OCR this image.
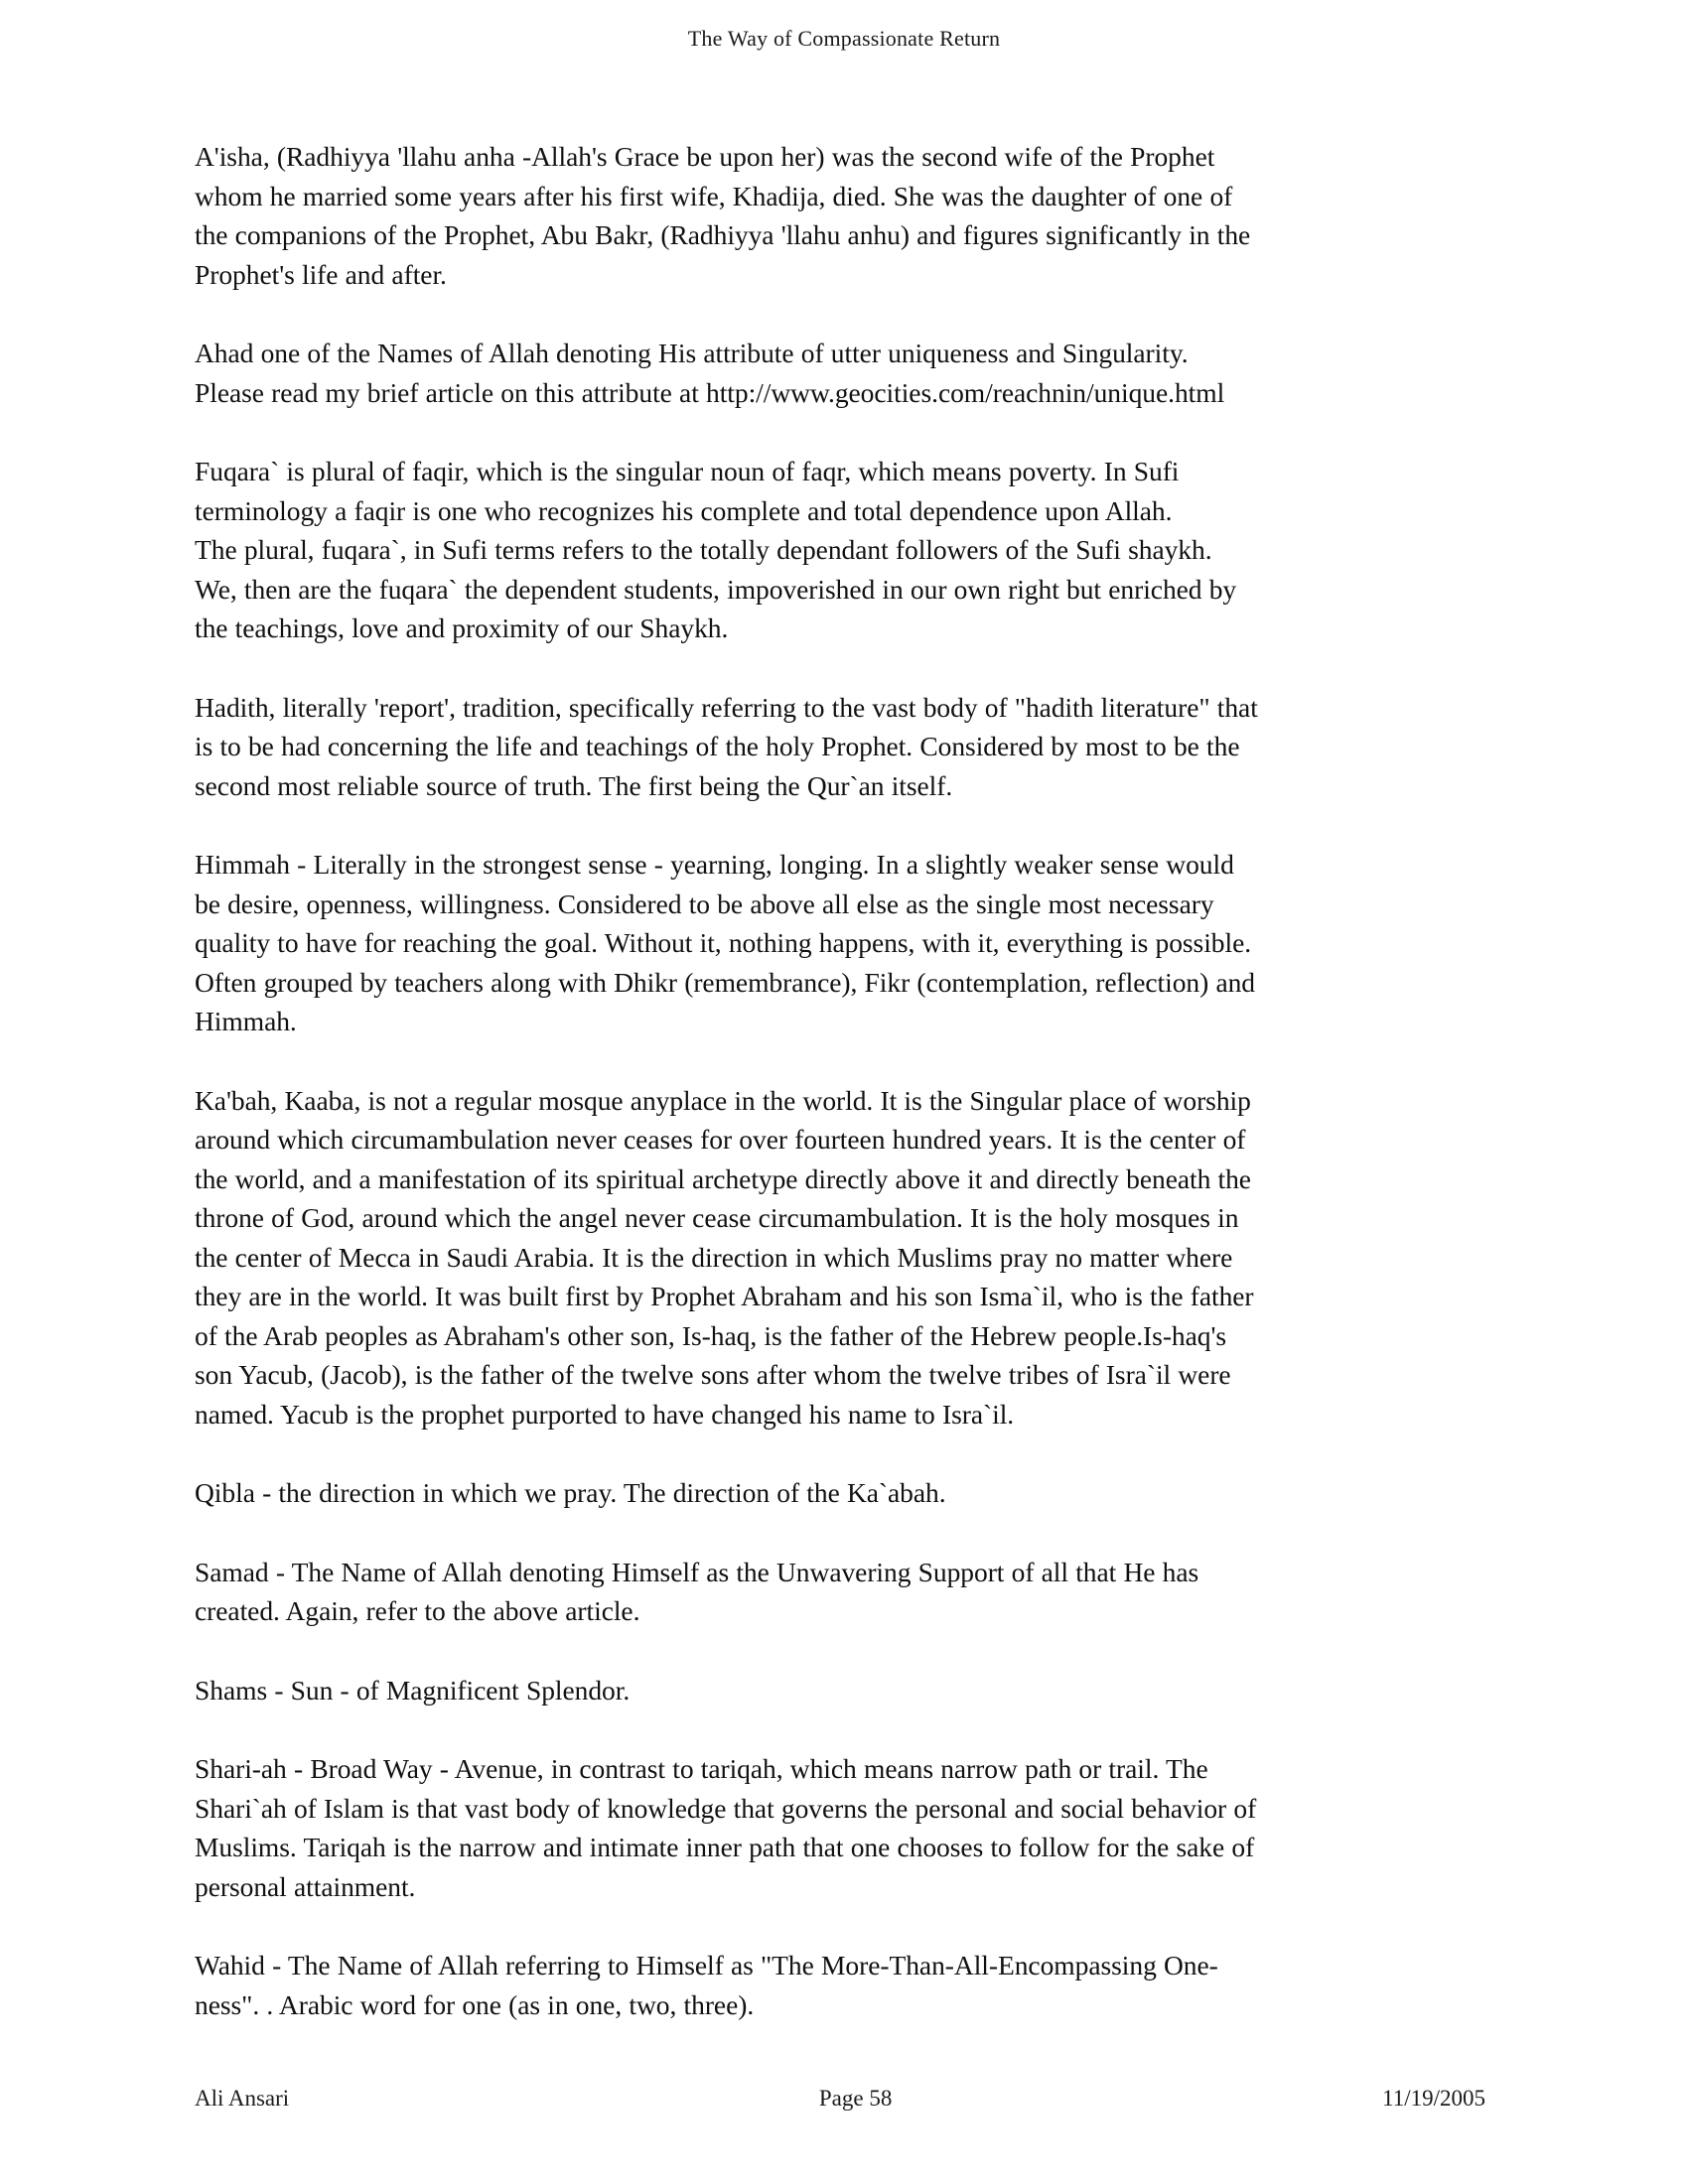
The Way of Compassionate Return

A'isha, (Radhiyya 'llahu anha -Allah's Grace be upon her) was the second wife of the Prophet
whom he married some years after his first wife, Khadija, died. She was the daughter of one of
the companions of the Prophet, Abu Bakr, (Radhiyya 'llahu anhu) and figures significantly in the
Prophet's life and after.

Ahad one of the Names of Allah denoting His attribute of utter uniqueness and Singularity.
Please read my brief article on this attribute at http://www.geocities.com/reachnin/unique.html

Fuqara` is plural of faqir, which is the singular noun of faqr, which means poverty. In Sufi
terminology a faqir is one who recognizes his complete and total dependence upon Allah.
The plural, fuqara`, in Sufi terms refers to the totally dependant followers of the Sufi shaykh.
We, then are the fuqara` the dependent students, impoverished in our own right but enriched by
the teachings, love and proximity of our Shaykh.

Hadith, literally 'report', tradition, specifically referring to the vast body of "hadith literature" that
is to be had concerning the life and teachings of the holy Prophet. Considered by most to be the
second most reliable source of truth. The first being the Qur`an itself.

Himmah - Literally in the strongest sense - yearning, longing. In a slightly weaker sense would
be desire, openness, willingness. Considered to be above all else as the single most necessary
quality to have for reaching the goal. Without it, nothing happens, with it, everything is possible.
Often grouped by teachers along with Dhikr (remembrance), Fikr (contemplation, reflection) and
Himmah.

Ka'bah, Kaaba, is not a regular mosque anyplace in the world. It is the Singular place of worship
around which circumambulation never ceases for over fourteen hundred years. It is the center of
the world, and a manifestation of its spiritual archetype directly above it and directly beneath the
throne of God, around which the angel never cease circumambulation. It is the holy mosques in
the center of Mecca in Saudi Arabia. It is the direction in which Muslims pray no matter where
they are in the world. It was built first by Prophet Abraham and his son Isma`il, who is the father
of the Arab peoples as Abraham's other son, Is-haq, is the father of the Hebrew people.Is-haq's
son Yacub, (Jacob), is the father of the twelve sons after whom the twelve tribes of Isra`il were
named. Yacub is the prophet purported to have changed his name to Isra`il.

Qibla - the direction in which we pray. The direction of the Ka`abah.

Samad - The Name of Allah denoting Himself as the Unwavering Support of all that He has
created. Again, refer to the above article.

Shams - Sun - of Magnificent Splendor.

Shari-ah - Broad Way - Avenue, in contrast to tariqah, which means narrow path or trail. The
Shari`ah of Islam is that vast body of knowledge that governs the personal and social behavior of
Muslims. Tariqah is the narrow and intimate inner path that one chooses to follow for the sake of
personal attainment.

Wahid - The Name of Allah referring to Himself as "The More-Than-All-Encompassing One-
ness". . Arabic word for one (as in one, two, three).

Ali Ansari	Page 58	11/19/2005
